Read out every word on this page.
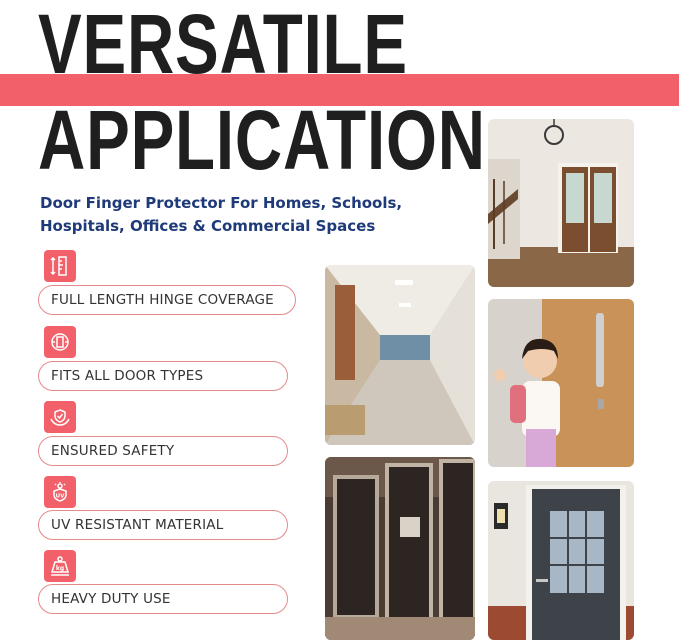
VERSATILE
APPLICATION

Door Finger Protector For Homes, Schools, Hospitals, Offices & Commercial Spaces

FULL LENGTH HINGE COVERAGE
FITS ALL DOOR TYPES
ENSURED SAFETY
UV
UV RESISTANT MATERIAL
kg
HEAVY DUTY USE
